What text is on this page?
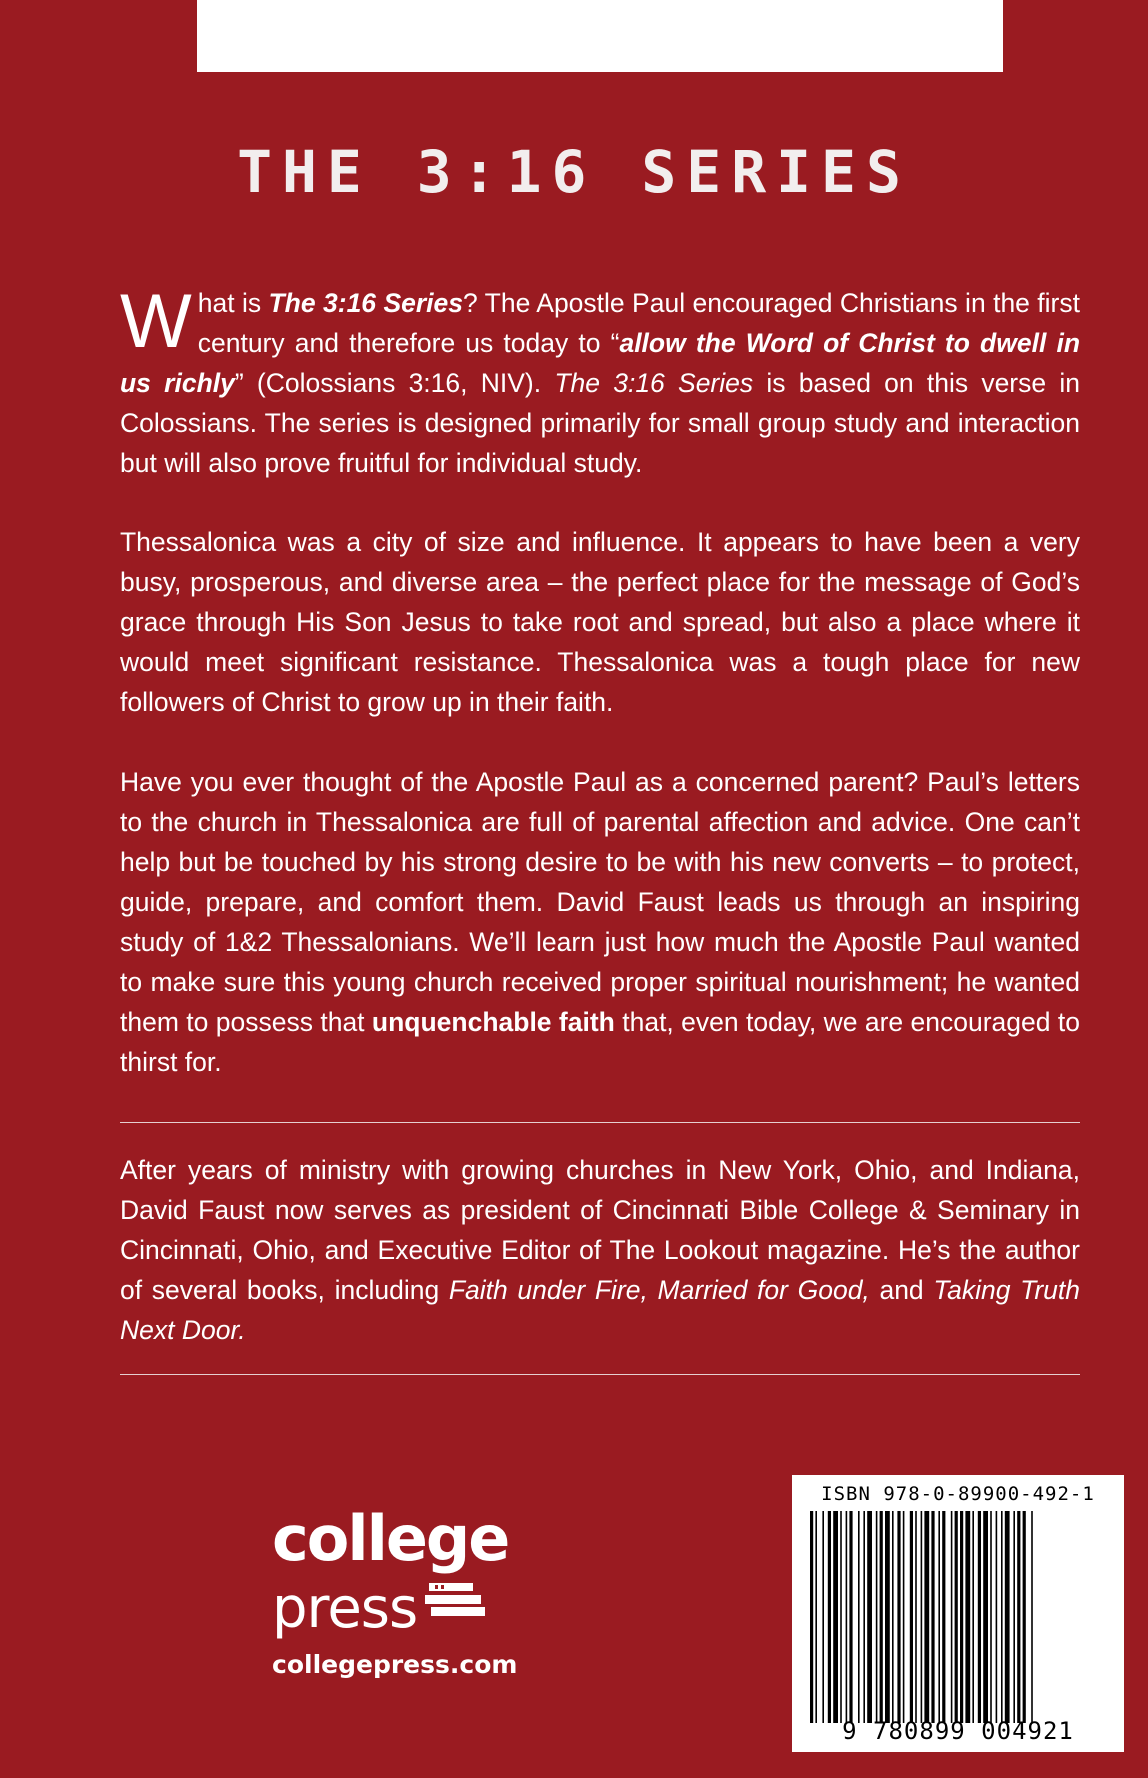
THE 3:16 SERIES
What is The 3:16 Series? The Apostle Paul encouraged Christians in the first century and therefore us today to “allow the Word of Christ to dwell in us richly” (Colossians 3:16, NIV). The 3:16 Series is based on this verse in Colossians. The series is designed primarily for small group study and interaction but will also prove fruitful for individual study.
Thessalonica was a city of size and influence. It appears to have been a very busy, prosperous, and diverse area – the perfect place for the message of God’s grace through His Son Jesus to take root and spread, but also a place where it would meet significant resistance. Thessalonica was a tough place for new followers of Christ to grow up in their faith.
Have you ever thought of the Apostle Paul as a concerned parent? Paul’s letters to the church in Thessalonica are full of parental affection and advice. One can’t help but be touched by his strong desire to be with his new converts – to protect, guide, prepare, and comfort them. David Faust leads us through an inspiring study of 1&2 Thessalonians. We’ll learn just how much the Apostle Paul wanted to make sure this young church received proper spiritual nourishment; he wanted them to possess that unquenchable faith that, even today, we are encouraged to thirst for.
After years of ministry with growing churches in New York, Ohio, and Indiana, David Faust now serves as president of Cincinnati Bible College & Seminary in Cincinnati, Ohio, and Executive Editor of The Lookout magazine. He’s the author of several books, including Faith under Fire, Married for Good, and Taking Truth Next Door.
college
press
collegepress.com
ISBN 978-0-89900-492-1
9 780899 004921
